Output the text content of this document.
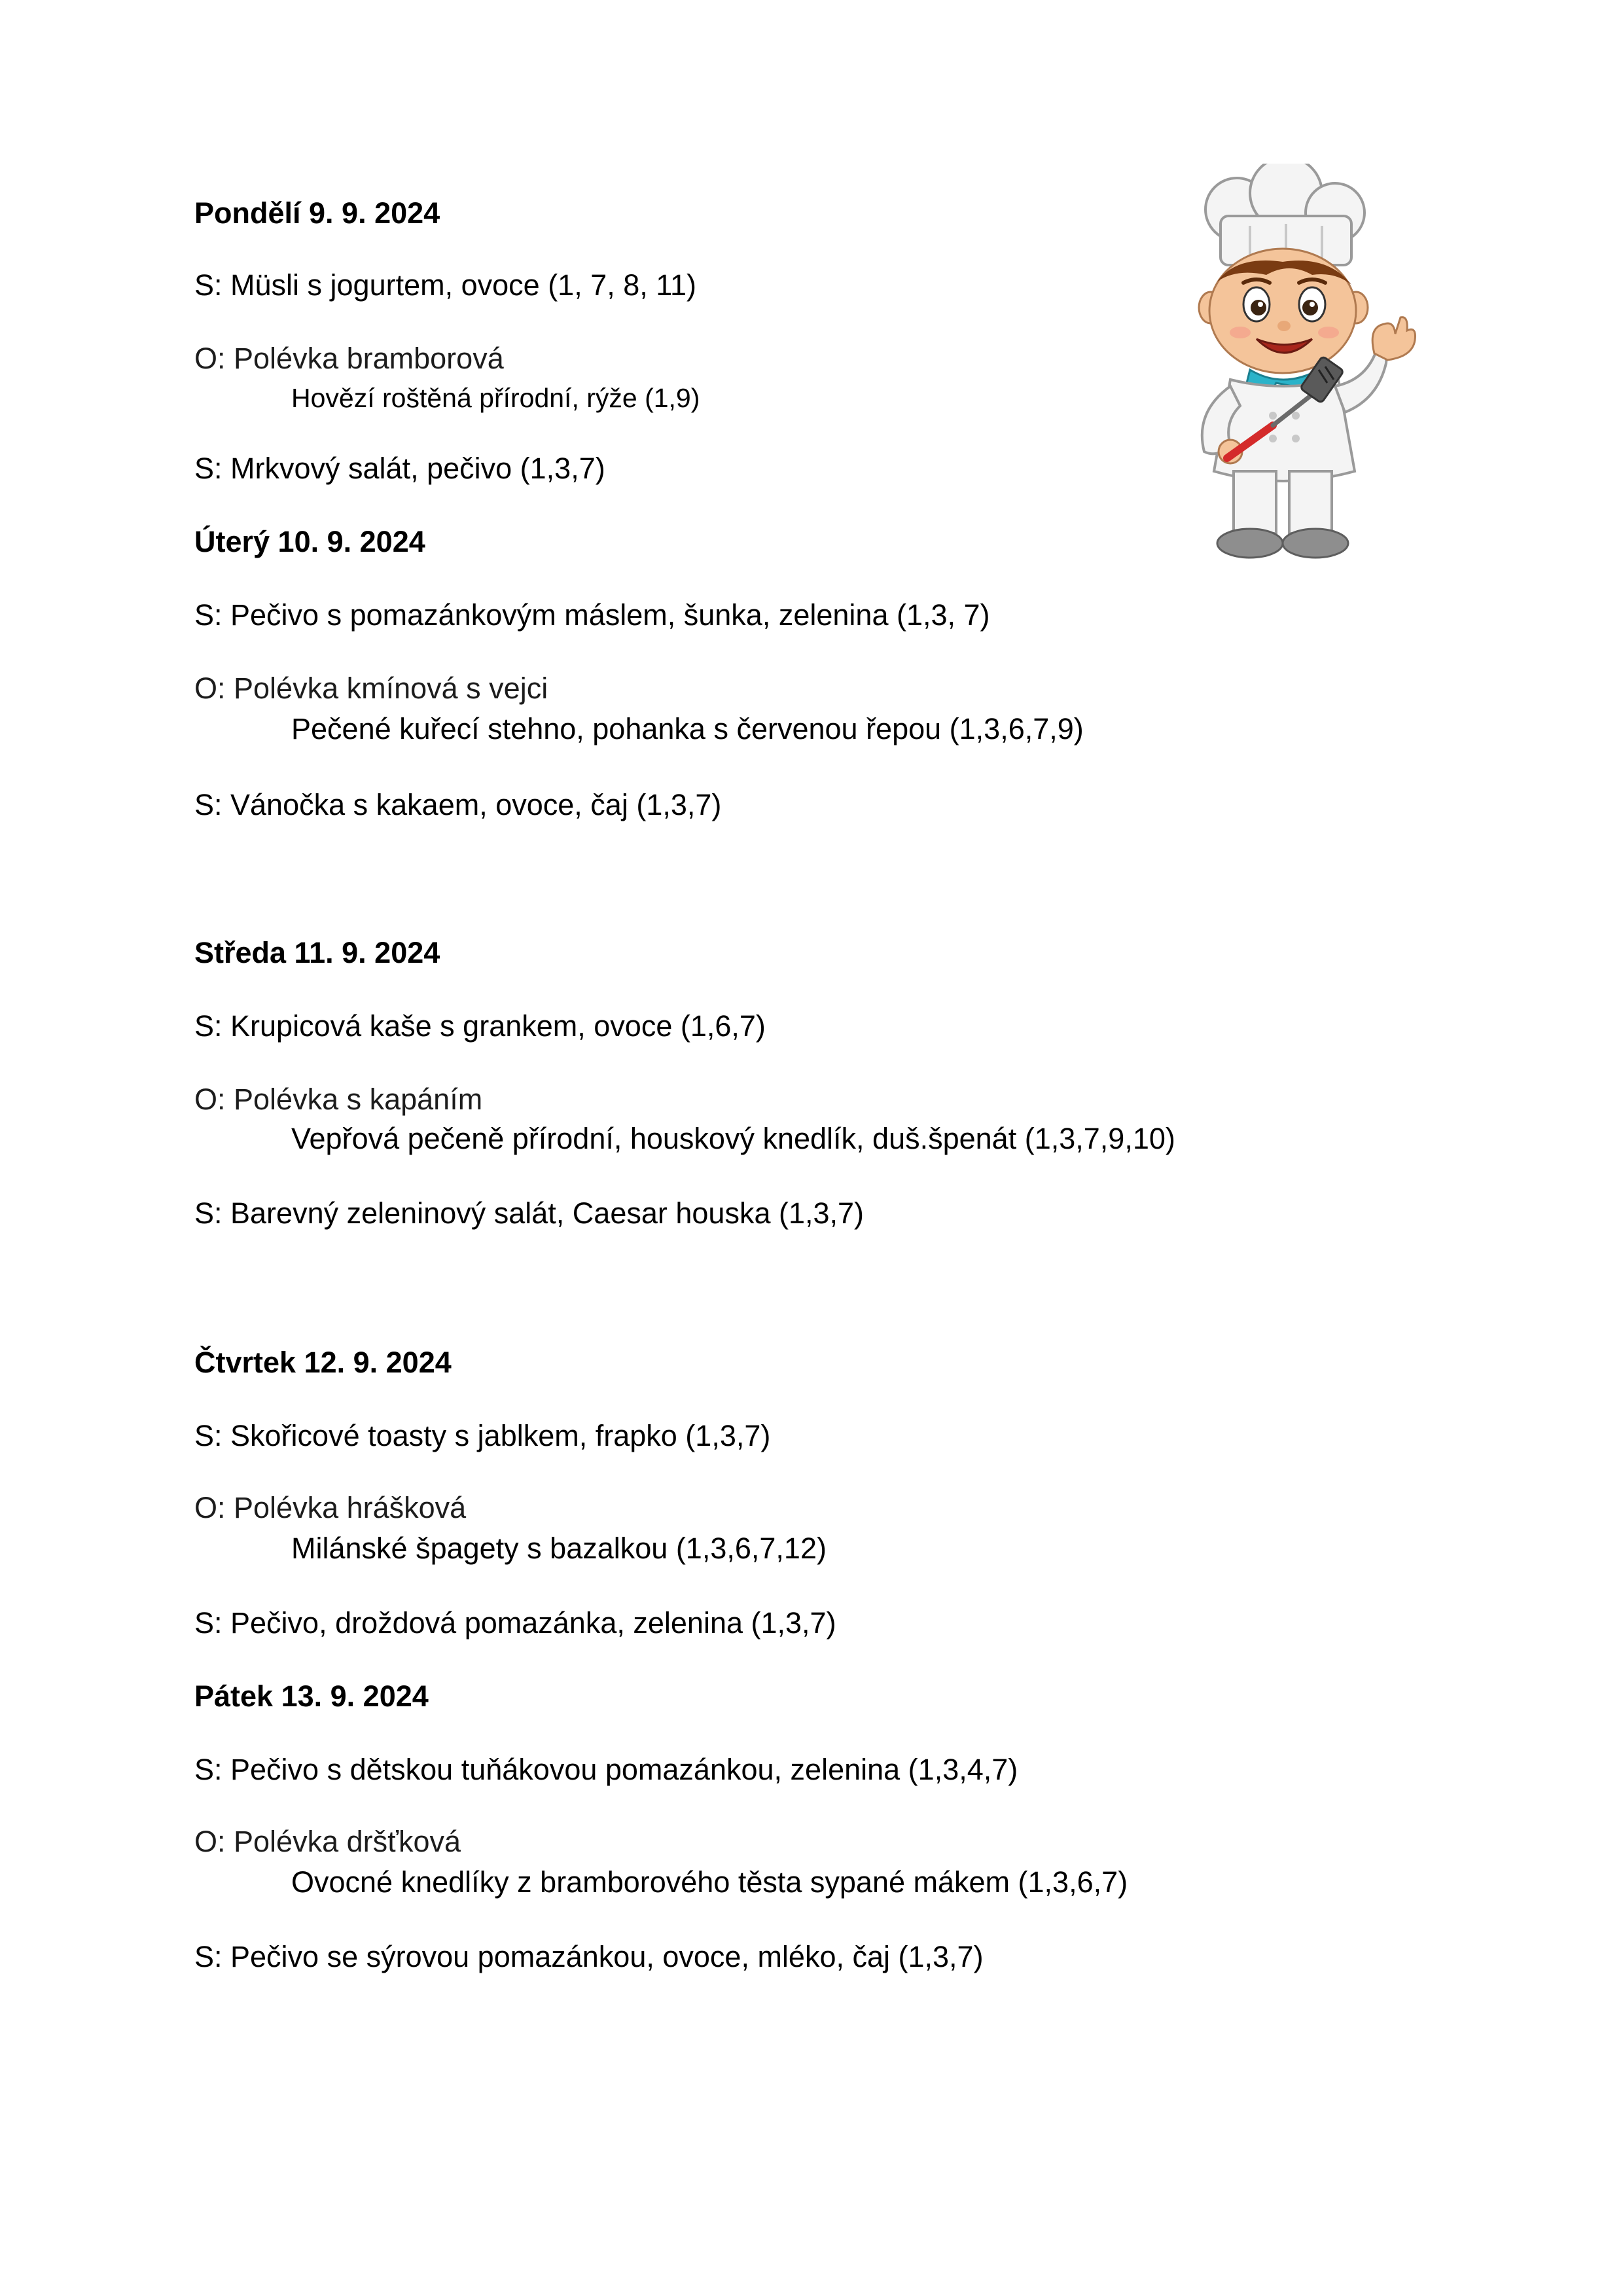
Pondělí 9. 9. 2024
S: Müsli s jogurtem, ovoce (1, 7, 8, 11)
O: Polévka bramborová
Hovězí roštěná přírodní, rýže (1,9)
S: Mrkvový salát, pečivo (1,3,7)
Úterý 10. 9. 2024
S: Pečivo s pomazánkovým máslem, šunka, zelenina (1,3, 7)
O: Polévka kmínová s vejci
Pečené kuřecí stehno, pohanka s červenou řepou (1,3,6,7,9)
S: Vánočka s kakaem, ovoce, čaj (1,3,7)
Středa 11. 9. 2024
S: Krupicová kaše s grankem, ovoce (1,6,7)
O: Polévka s kapáním
Vepřová pečeně přírodní, houskový knedlík, duš.špenát (1,3,7,9,10)
S: Barevný zeleninový salát, Caesar houska (1,3,7)
Čtvrtek 12. 9. 2024
S: Skořicové toasty s jablkem, frapko (1,3,7)
O: Polévka hrášková
Milánské špagety s bazalkou (1,3,6,7,12)
S: Pečivo, droždová pomazánka, zelenina (1,3,7)
Pátek 13. 9. 2024
S: Pečivo s dětskou tuňákovou pomazánkou, zelenina (1,3,4,7)
O: Polévka dršťková
Ovocné knedlíky z bramborového těsta sypané mákem (1,3,6,7)
S: Pečivo se sýrovou pomazánkou, ovoce, mléko, čaj (1,3,7)
